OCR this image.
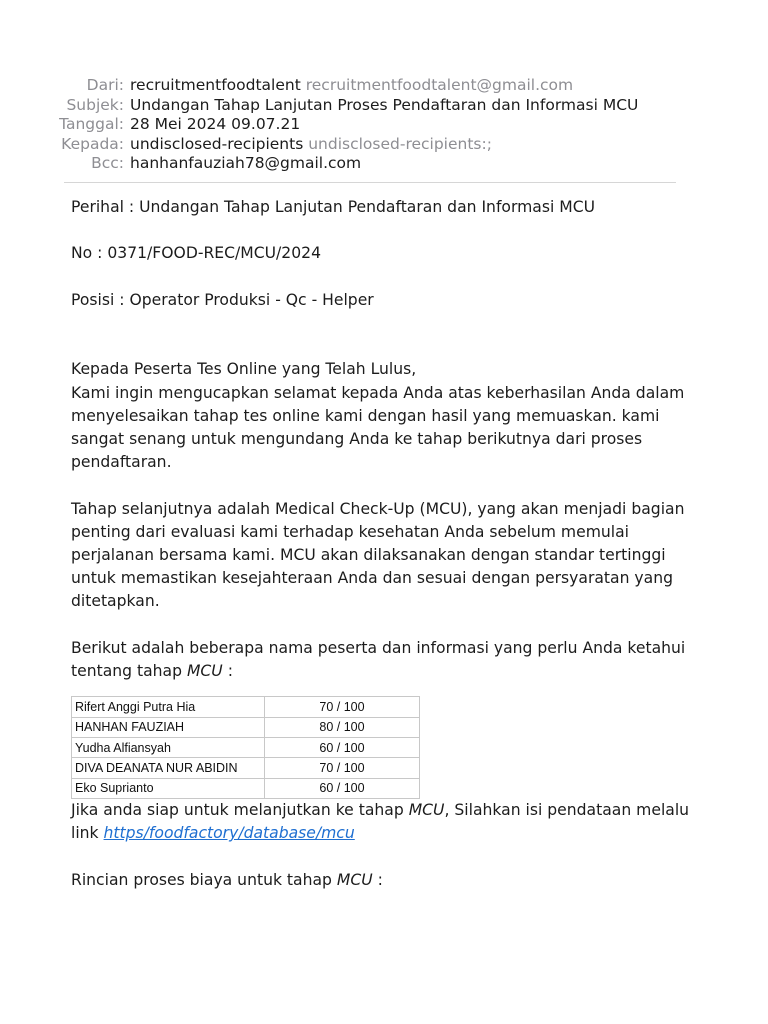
Dari: recruitmentfoodtalent recruitmentfoodtalent@gmail.com
Subjek: Undangan Tahap Lanjutan Proses Pendaftaran dan Informasi MCU
Tanggal: 28 Mei 2024 09.07.21
Kepada: undisclosed-recipients undisclosed-recipients:;
Bcc: hanhanfauziah78@gmail.com

Perihal : Undangan Tahap Lanjutan Pendaftaran dan Informasi MCU

No : 0371/FOOD-REC/MCU/2024

Posisi : Operator Produksi - Qc - Helper

Kepada Peserta Tes Online yang Telah Lulus,

Kami ingin mengucapkan selamat kepada Anda atas keberhasilan Anda dalam menyelesaikan tahap tes online kami dengan hasil yang memuaskan. kami sangat senang untuk mengundang Anda ke tahap berikutnya dari proses pendaftaran.

Tahap selanjutnya adalah Medical Check-Up (MCU), yang akan menjadi bagian penting dari evaluasi kami terhadap kesehatan Anda sebelum memulai perjalanan bersama kami. MCU akan dilaksanakan dengan standar tertinggi untuk memastikan kesejahteraan Anda dan sesuai dengan persyaratan yang ditetapkan.

Berikut adalah beberapa nama peserta dan informasi yang perlu Anda ketahui tentang tahap MCU :

Rifert Anggi Putra Hia	70 / 100
HANHAN FAUZIAH	80 / 100
Yudha Alfiansyah	60 / 100
DIVA DEANATA NUR ABIDIN	70 / 100
Eko Suprianto	60 / 100

Jika anda siap untuk melanjutkan ke tahap MCU, Silahkan isi pendataan melalu link https/foodfactory/database/mcu

Rincian proses biaya untuk tahap MCU :
